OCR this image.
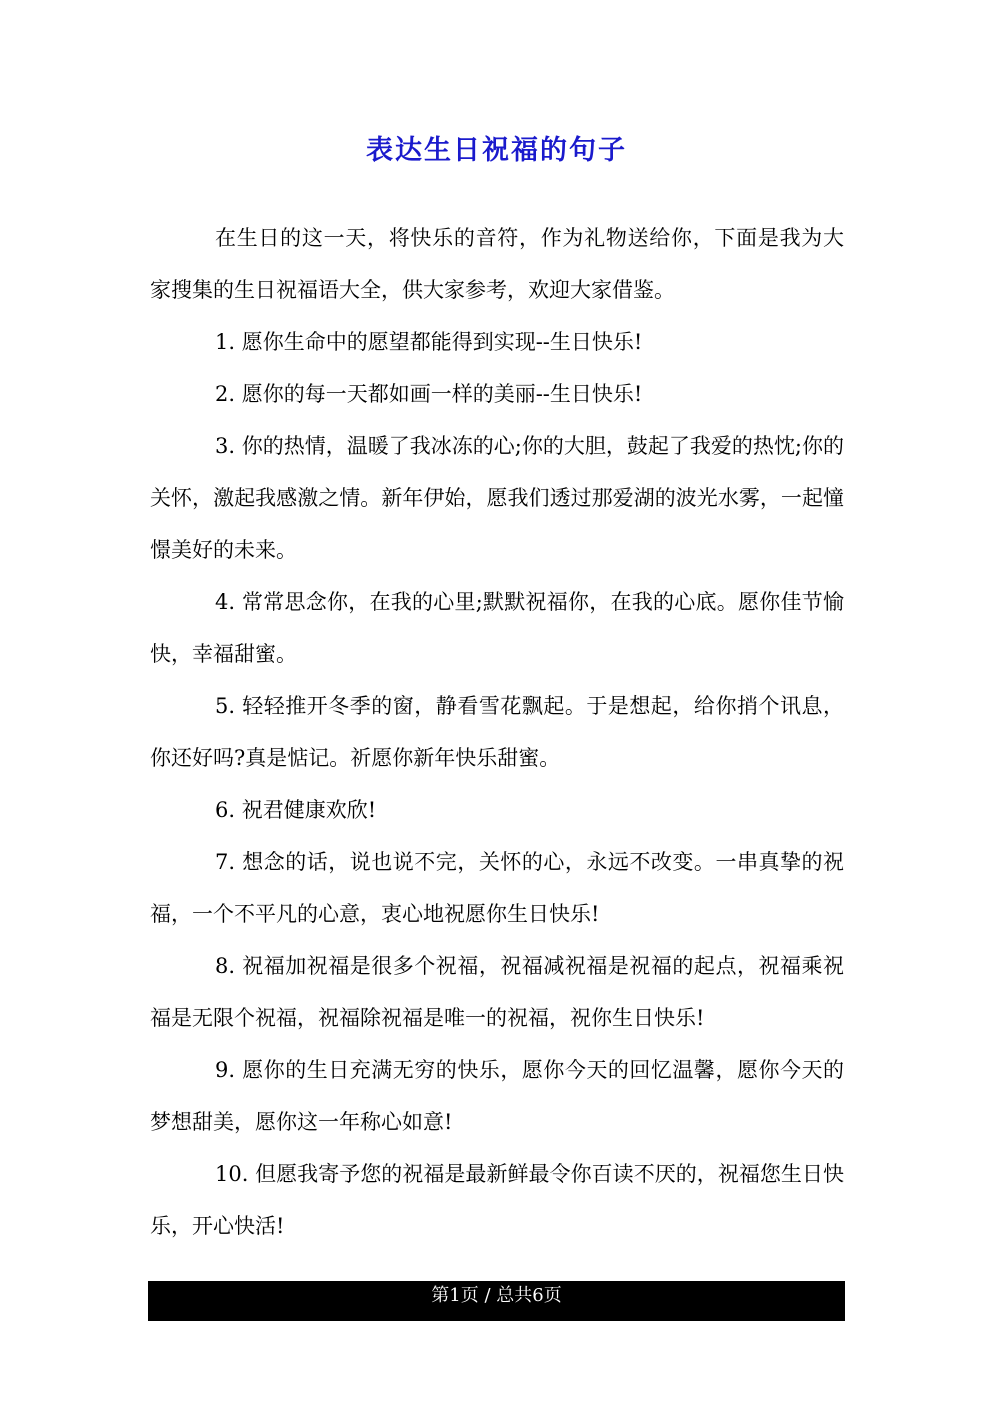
表达生日祝福的句子

在生日的这一天，将快乐的音符，作为礼物送给你，下面是我为大家搜集的生日祝福语大全，供大家参考，欢迎大家借鉴。

1. 愿你生命中的愿望都能得到实现--生日快乐!

2. 愿你的每一天都如画一样的美丽--生日快乐!

3. 你的热情，温暖了我冰冻的心;你的大胆，鼓起了我爱的热忱;你的关怀，激起我感激之情。新年伊始，愿我们透过那爱湖的波光水雾，一起憧憬美好的未来。

4. 常常思念你，在我的心里;默默祝福你，在我的心底。愿你佳节愉快，幸福甜蜜。

5. 轻轻推开冬季的窗，静看雪花飘起。于是想起，给你捎个讯息，你还好吗?真是惦记。祈愿你新年快乐甜蜜。

6. 祝君健康欢欣!

7. 想念的话，说也说不完，关怀的心，永远不改变。一串真挚的祝福，一个不平凡的心意，衷心地祝愿你生日快乐!

8. 祝福加祝福是很多个祝福，祝福减祝福是祝福的起点，祝福乘祝福是无限个祝福，祝福除祝福是唯一的祝福，祝你生日快乐!

9. 愿你的生日充满无穷的快乐，愿你今天的回忆温馨，愿你今天的梦想甜美，愿你这一年称心如意!

10. 但愿我寄予您的祝福是最新鲜最令你百读不厌的，祝福您生日快乐，开心快活!

第1页 / 总共6页
